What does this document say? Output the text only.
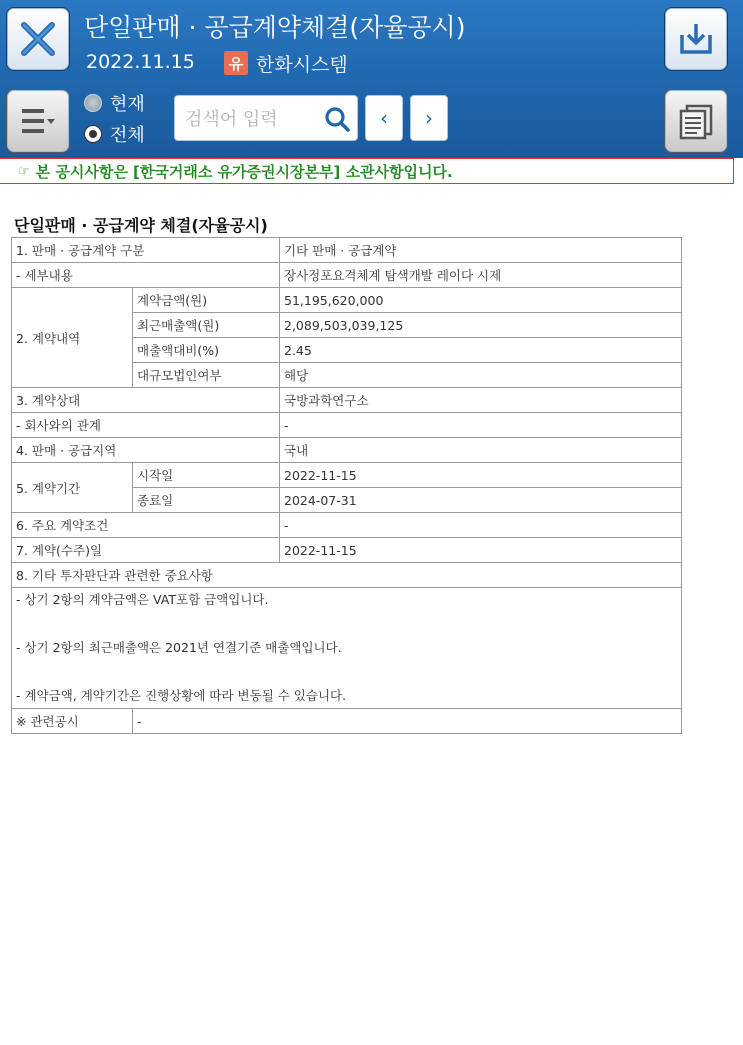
단일판매 · 공급계약체결(자율공시)
2022.11.15	유 한화시스템
현재
전체
검색어 입력
‹ ›
☞ 본 공시사항은 [한국거래소 유가증권시장본부] 소관사항입니다.
단일판매 · 공급계약 체결(자율공시)
1. 판매 · 공급계약 구분		기타 판매 · 공급계약
- 세부내용		장사정포요격체계 탐색개발 레이다 시제
2. 계약내역	계약금액(원)	51,195,620,000
	최근매출액(원)	2,089,503,039,125
	매출액대비(%)	2.45
	대규모법인여부	해당
3. 계약상대		국방과학연구소
- 회사와의 관계		-
4. 판매 · 공급지역		국내
5. 계약기간	시작일	2022-11-15
	종료일	2024-07-31
6. 주요 계약조건		-
7. 계약(수주)일		2022-11-15
8. 기타 투자판단과 관련한 중요사항		

- 상기 2항의 계약금액은 VAT포함 금액입니다.

- 상기 2항의 최근매출액은 2021년 연결기준 매출액입니다.

- 계약금액, 계약기간은 진행상황에 따라 변동될 수 있습니다.		

※ 관련공시	-	
